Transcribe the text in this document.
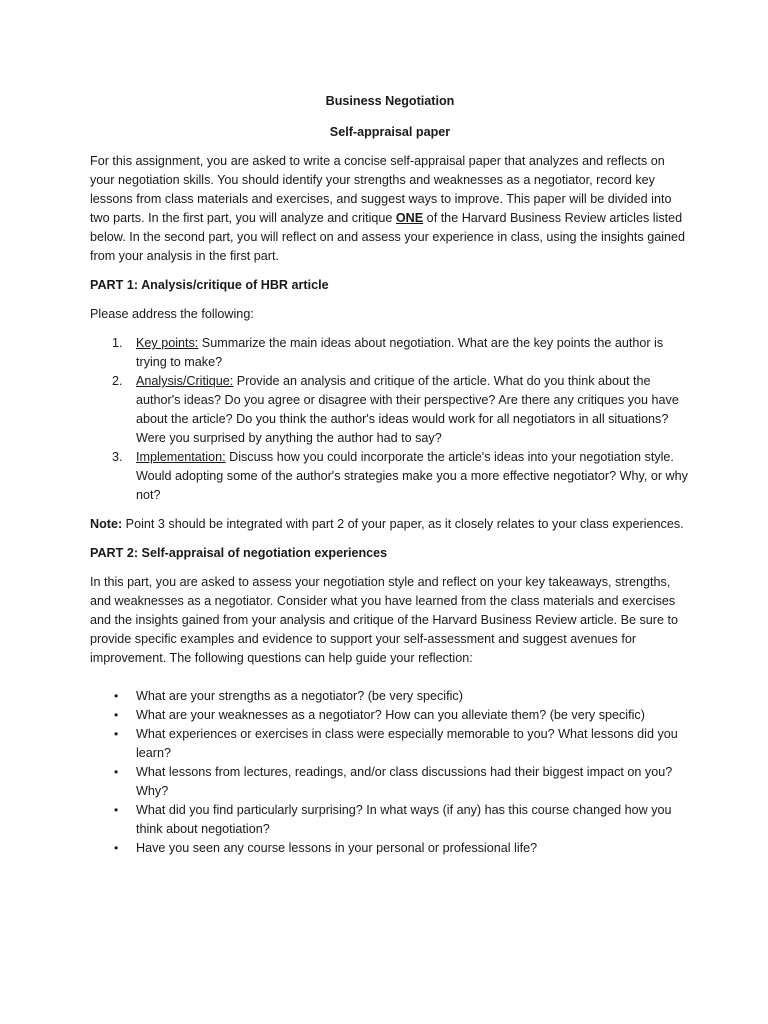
Business Negotiation

Self-appraisal paper

For this assignment, you are asked to write a concise self-appraisal paper that analyzes and reflects on your negotiation skills. You should identify your strengths and weaknesses as a negotiator, record key lessons from class materials and exercises, and suggest ways to improve. This paper will be divided into two parts. In the first part, you will analyze and critique ONE of the Harvard Business Review articles listed below. In the second part, you will reflect on and assess your experience in class, using the insights gained from your analysis in the first part.

PART 1: Analysis/critique of HBR article

Please address the following:

1. Key points: Summarize the main ideas about negotiation. What are the key points the author is trying to make?
2. Analysis/Critique: Provide an analysis and critique of the article. What do you think about the author's ideas? Do you agree or disagree with their perspective? Are there any critiques you have about the article? Do you think the author's ideas would work for all negotiators in all situations? Were you surprised by anything the author had to say?
3. Implementation: Discuss how you could incorporate the article's ideas into your negotiation style. Would adopting some of the author's strategies make you a more effective negotiator? Why, or why not?

Note: Point 3 should be integrated with part 2 of your paper, as it closely relates to your class experiences.

PART 2: Self-appraisal of negotiation experiences

In this part, you are asked to assess your negotiation style and reflect on your key takeaways, strengths, and weaknesses as a negotiator. Consider what you have learned from the class materials and exercises and the insights gained from your analysis and critique of the Harvard Business Review article. Be sure to provide specific examples and evidence to support your self-assessment and suggest avenues for improvement. The following questions can help guide your reflection:

• What are your strengths as a negotiator? (be very specific)
• What are your weaknesses as a negotiator? How can you alleviate them? (be very specific)
• What experiences or exercises in class were especially memorable to you? What lessons did you learn?
• What lessons from lectures, readings, and/or class discussions had their biggest impact on you? Why?
• What did you find particularly surprising? In what ways (if any) has this course changed how you think about negotiation?
• Have you seen any course lessons in your personal or professional life?
